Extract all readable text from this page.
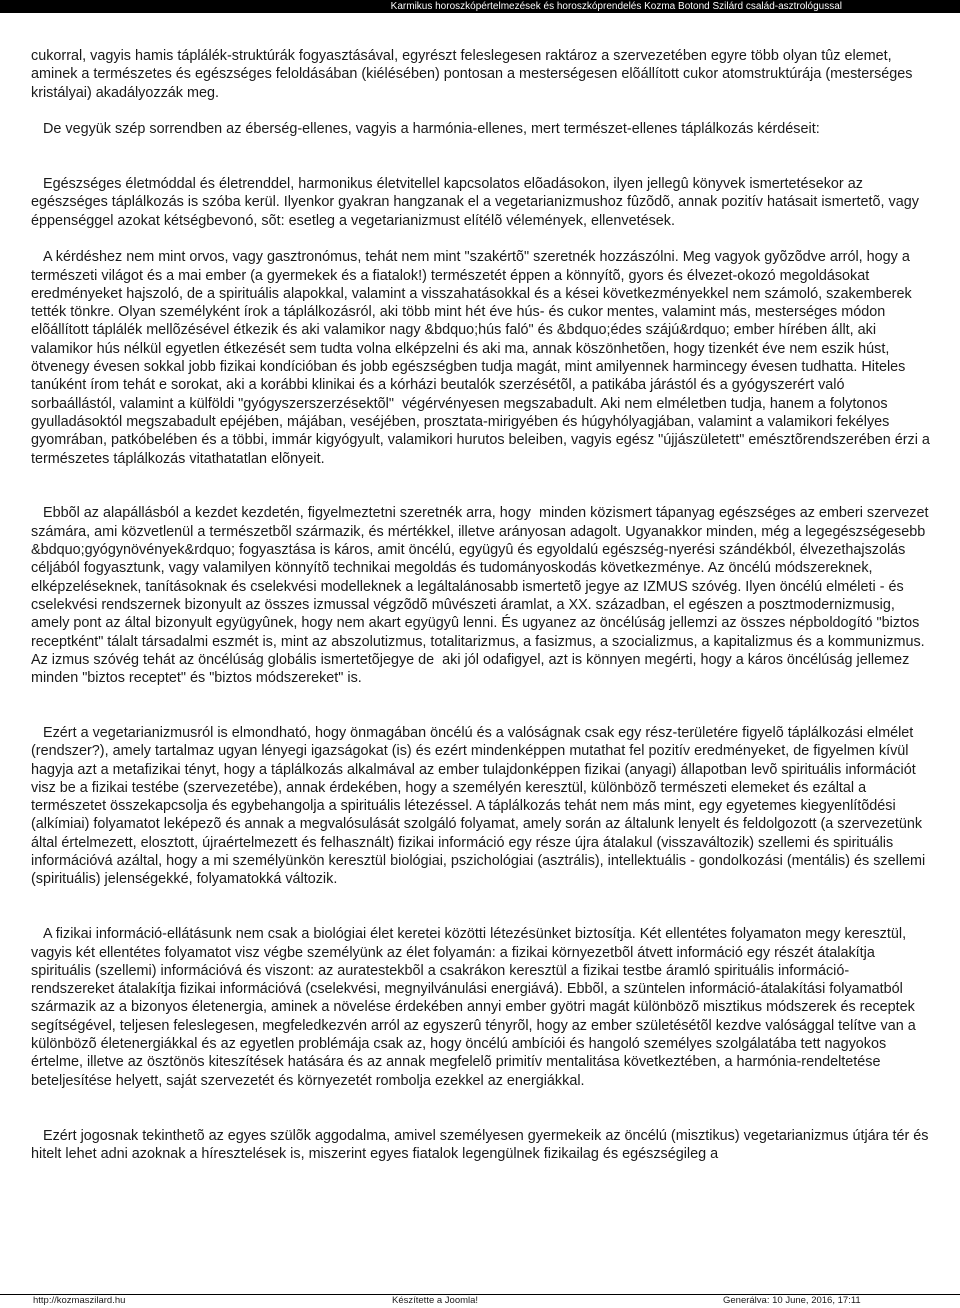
Karmikus horoszkópértelmezések és horoszkóprendelés Kozma Botond Szilárd család-asztrológussal

cukorral, vagyis hamis táplálék-struktúrák fogyasztásával, egyrészt feleslegesen raktároz a szervezetében egyre több olyan tûz elemet, aminek a természetes és egészséges feloldásában (kiélésében) pontosan a mesterségesen elõállított cukor atomstruktúrája (mesterséges kristályai) akadályozzák meg.

De vegyük szép sorrendben az éberség-ellenes, vagyis a harmónia-ellenes, mert természet-ellenes táplálkozás kérdéseit:

Egészséges életmóddal és életrenddel, harmonikus életvitellel kapcsolatos elõadásokon, ilyen jellegû könyvek ismertetésekor az egészséges táplálkozás is szóba kerül. Ilyenkor gyakran hangzanak el a vegetarianizmushoz fûzõdõ, annak pozitív hatásait ismertetõ, vagy éppenséggel azokat kétségbevonó, sõt: esetleg a vegetarianizmust elítélõ vélemények, ellenvetések.

A kérdéshez nem mint orvos, vagy gasztronómus, tehát nem mint "szakértõ" szeretnék hozzászólni. Meg vagyok gyõzõdve arról, hogy a természeti világot és a mai ember (a gyermekek és a fiatalok!) természetét éppen a könnyítõ, gyors és élvezet-okozó megoldásokat eredményeket hajszoló, de a spirituális alapokkal, valamint a visszahatásokkal és a kései következményekkel nem számoló, szakemberek tették tönkre. Olyan személyként írok a táplálkozásról, aki több mint hét éve hús- és cukor mentes, valamint más, mesterséges módon elõállított táplálék mellõzésével étkezik és aki valamikor nagy &bdquo;hús faló" és &bdquo;édes szájú&rdquo; ember hírében állt, aki valamikor hús nélkül egyetlen étkezését sem tudta volna elképzelni és aki ma, annak köszönhetõen, hogy tizenkét éve nem eszik húst, ötvenegy évesen sokkal jobb fizikai kondícióban és jobb egészségben tudja magát, mint amilyennek harmincegy évesen tudhatta. Hiteles tanúként írom tehát e sorokat, aki a korábbi klinikai és a kórházi beutalók szerzésétõl, a patikába járástól és a gyógyszerért való sorbaállástól, valamint a külföldi "gyógyszerszerzésektõl"  végérvényesen megszabadult. Aki nem elméletben tudja, hanem a folytonos gyulladásoktól megszabadult epéjében, májában, veséjében, prosztata-mirigyében és húgyhólyagjában, valamint a valamikori fekélyes gyomrában, patkóbelében és a többi, immár kigyógyult, valamikori hurutos beleiben, vagyis egész "újjászületett" emésztõrendszerében érzi a természetes táplálkozás vitathatatlan elõnyeit.

Ebbõl az alapállásból a kezdet kezdetén, figyelmeztetni szeretnék arra, hogy  minden közismert tápanyag egészséges az emberi szervezet számára, ami közvetlenül a természetbõl származik, és mértékkel, illetve arányosan adagolt. Ugyanakkor minden, még a legegészségesebb &bdquo;gyógynövények&rdquo; fogyasztása is káros, amit öncélú, együgyû és egyoldalú egészség-nyerési szándékból, élvezethajszolás céljából fogyasztunk, vagy valamilyen könnyítõ technikai megoldás és tudományoskodás következménye. Az öncélú módszereknek, elképzeléseknek, tanításoknak és cselekvési modelleknek a legáltalánosabb ismertetõ jegye az IZMUS szóvég. Ilyen öncélú elméleti - és cselekvési rendszernek bizonyult az összes izmussal végzõdõ mûvészeti áramlat, a XX. században, el egészen a posztmodernizmusig, amely pont az által bizonyult együgyûnek, hogy nem akart együgyû lenni. És ugyanez az öncélúság jellemzi az összes népboldogító "biztos receptként" tálalt társadalmi eszmét is, mint az abszolutizmus, totalitarizmus, a fasizmus, a szocializmus, a kapitalizmus és a kommunizmus. Az izmus szóvég tehát az öncélúság globális ismertetõjegye de  aki jól odafigyel, azt is könnyen megérti, hogy a káros öncélúság jellemez minden "biztos receptet" és "biztos módszereket" is.

Ezért a vegetarianizmusról is elmondható, hogy önmagában öncélú és a valóságnak csak egy rész-területére figyelõ táplálkozási elmélet (rendszer?), amely tartalmaz ugyan lényegi igazságokat (is) és ezért mindenképpen mutathat fel pozitív eredményeket, de figyelmen kívül hagyja azt a metafizikai tényt, hogy a táplálkozás alkalmával az ember tulajdonképpen fizikai (anyagi) állapotban levõ spirituális információt visz be a fizikai testébe (szervezetébe), annak érdekében, hogy a személyén keresztül, különbözõ természeti elemeket és ezáltal a természetet összekapcsolja és egybehangolja a spirituális létezéssel. A táplálkozás tehát nem más mint, egy egyetemes kiegyenlítõdési (alkímiai) folyamatot leképezõ és annak a megvalósulását szolgáló folyamat, amely során az általunk lenyelt és feldolgozott (a szervezetünk által értelmezett, elosztott, újraértelmezett és felhasznált) fizikai információ egy része újra átalakul (visszaváltozik) szellemi és spirituális információvá azáltal, hogy a mi személyünkön keresztül biológiai, pszichológiai (asztrális), intellektuális - gondolkozási (mentális) és szellemi (spirituális) jelenségekké, folyamatokká változik.

A fizikai információ-ellátásunk nem csak a biológiai élet keretei közötti létezésünket biztosítja. Két ellentétes folyamaton megy keresztül, vagyis két ellentétes folyamatot visz végbe személyünk az élet folyamán: a fizikai környezetbõl átvett információ egy részét átalakítja spirituális (szellemi) információvá és viszont: az auratestekbõl a csakrákon keresztül a fizikai testbe áramló spirituális információ-rendszereket átalakítja fizikai információvá (cselekvési, megnyilvánulási energiává). Ebbõl, a szüntelen információ-átalakítási folyamatból származik az a bizonyos életenergia, aminek a növelése érdekében annyi ember gyötri magát különbözõ misztikus módszerek és receptek segítségével, teljesen feleslegesen, megfeledkezvén arról az egyszerû tényrõl, hogy az ember születésétõl kezdve valósággal telítve van a különbözõ életenergiákkal és az egyetlen problémája csak az, hogy öncélú ambíciói és hangoló személyes szolgálatába tett nagyokos értelme, illetve az ösztönös kiteszítések hatására és az annak megfelelõ primitív mentalitása következtében, a harmónia-rendeltetése beteljesítése helyett, saját szervezetét és környezetét rombolja ezekkel az energiákkal.

Ezért jogosnak tekinthetõ az egyes szülõk aggodalma, amivel személyesen gyermekeik az öncélú (misztikus) vegetarianizmus útjára tér és hitelt lehet adni azoknak a híresztelések is, miszerint egyes fiatalok legengülnek fizikailag és egészségileg a

http://kozmaszilard.hu	Készítette a Joomla!	Generálva: 10 June, 2016, 17:11
